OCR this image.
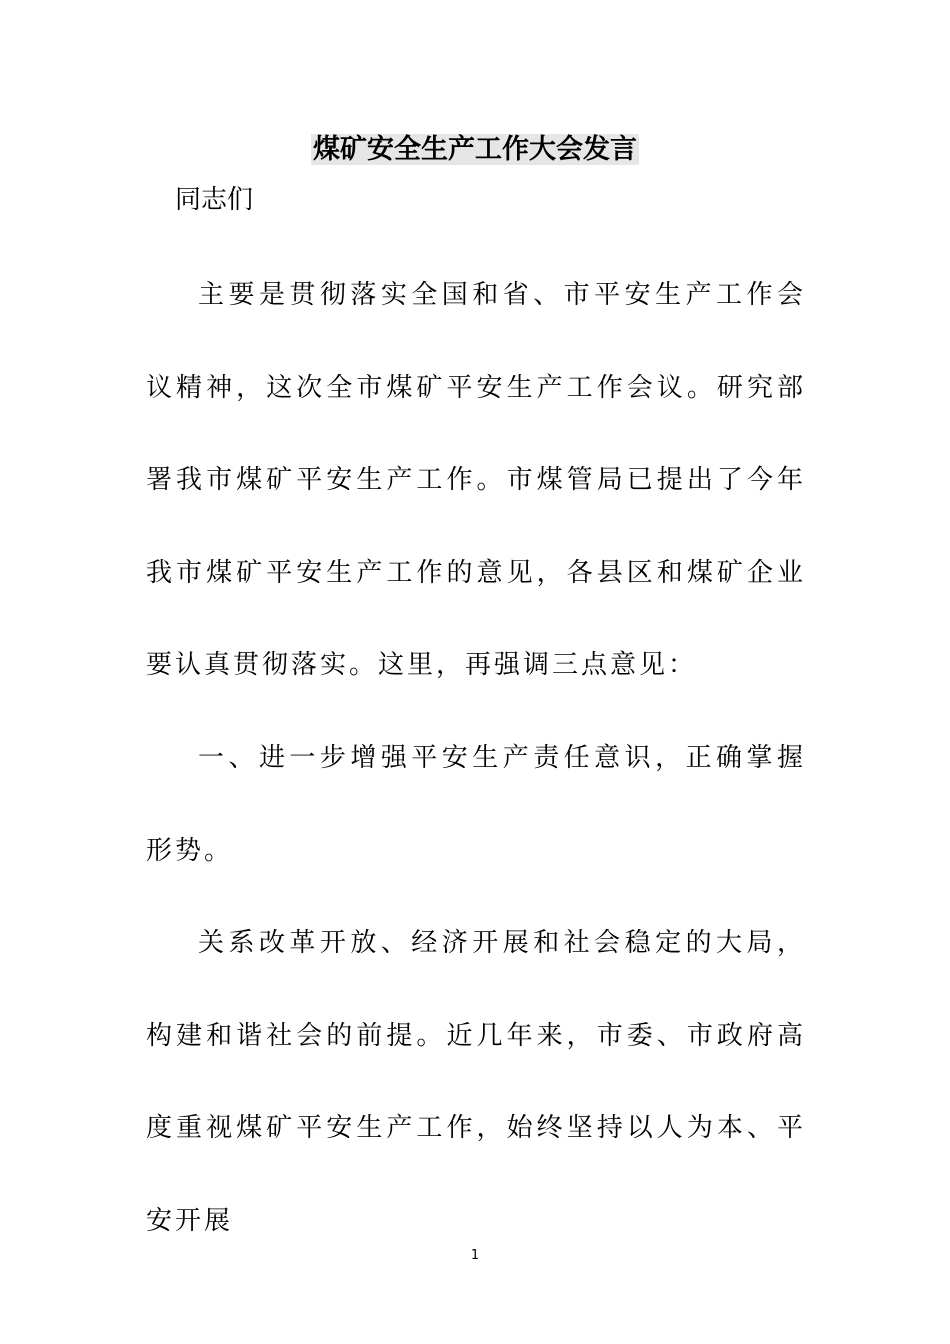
煤矿安全生产工作大会发言

同志们

主要是贯彻落实全国和省、市平安生产工作会议精神，这次全市煤矿平安生产工作会议。研究部署我市煤矿平安生产工作。市煤管局已提出了今年我市煤矿平安生产工作的意见，各县区和煤矿企业要认真贯彻落实。这里，再强调三点意见：

一、进一步增强平安生产责任意识，正确掌握形势。

关系改革开放、经济开展和社会稳定的大局，构建和谐社会的前提。近几年来，市委、市政府高度重视煤矿平安生产工作，始终坚持以人为本、平安开展

1
